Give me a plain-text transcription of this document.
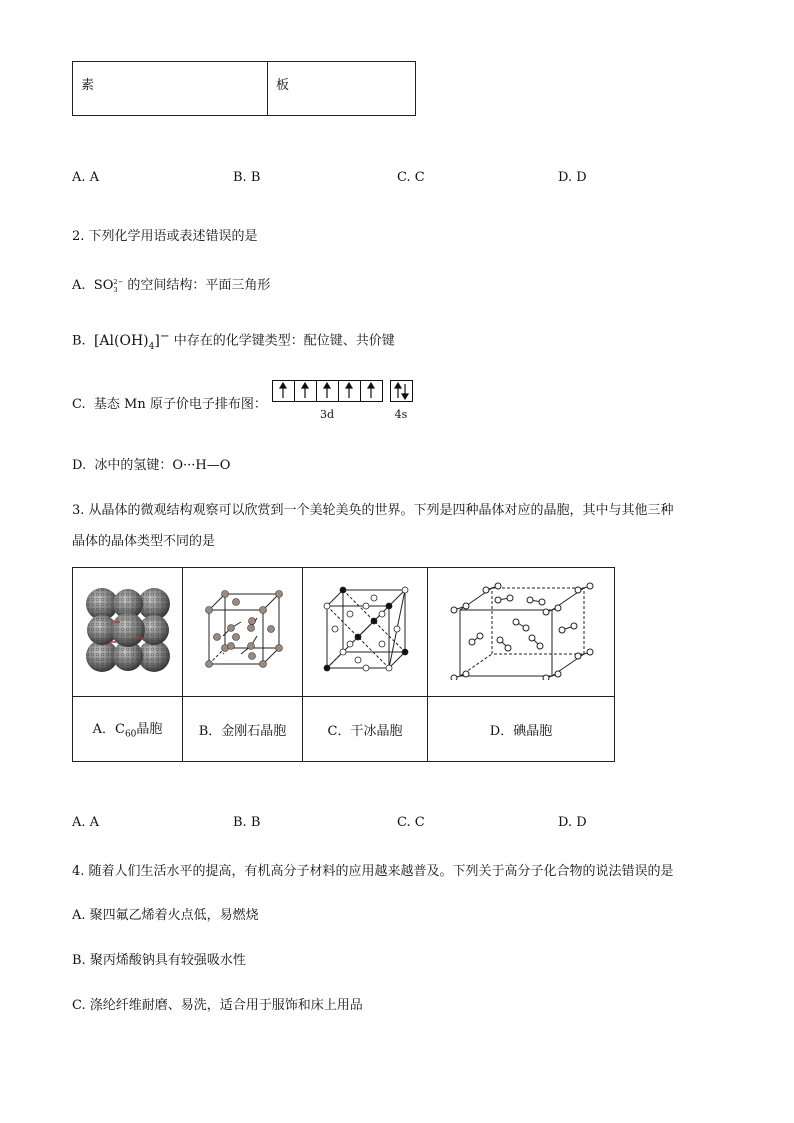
素	板
A. A	B. B	C. C	D. D
2. 下列化学用语或表述错误的是
A. SO 2−
3 的空间结构：平面三角形
B. $[Al(OH)_4]^-$ 中存在的化学键类型：配位键、共价键
C. 基态 Mn 原子价电子排布图：
3d	4s
D. 冰中的氢键：O···H—O
3. 从晶体的微观结构观察可以欣赏到一个美轮美奂的世界。下列是四种晶体对应的晶胞，其中与其他三种
晶体的晶体类型不同的是

A．$C_{60}$晶胞	B．金刚石晶胞	C．干冰晶胞	D．碘晶胞
A. A	B. B	C. C	D. D
4. 随着人们生活水平的提高，有机高分子材料的应用越来越普及。下列关于高分子化合物的说法错误的是
A. 聚四氟乙烯着火点低，易燃烧
B. 聚丙烯酸钠具有较强吸水性
C. 涤纶纤维耐磨、易洗，适合用于服饰和床上用品
